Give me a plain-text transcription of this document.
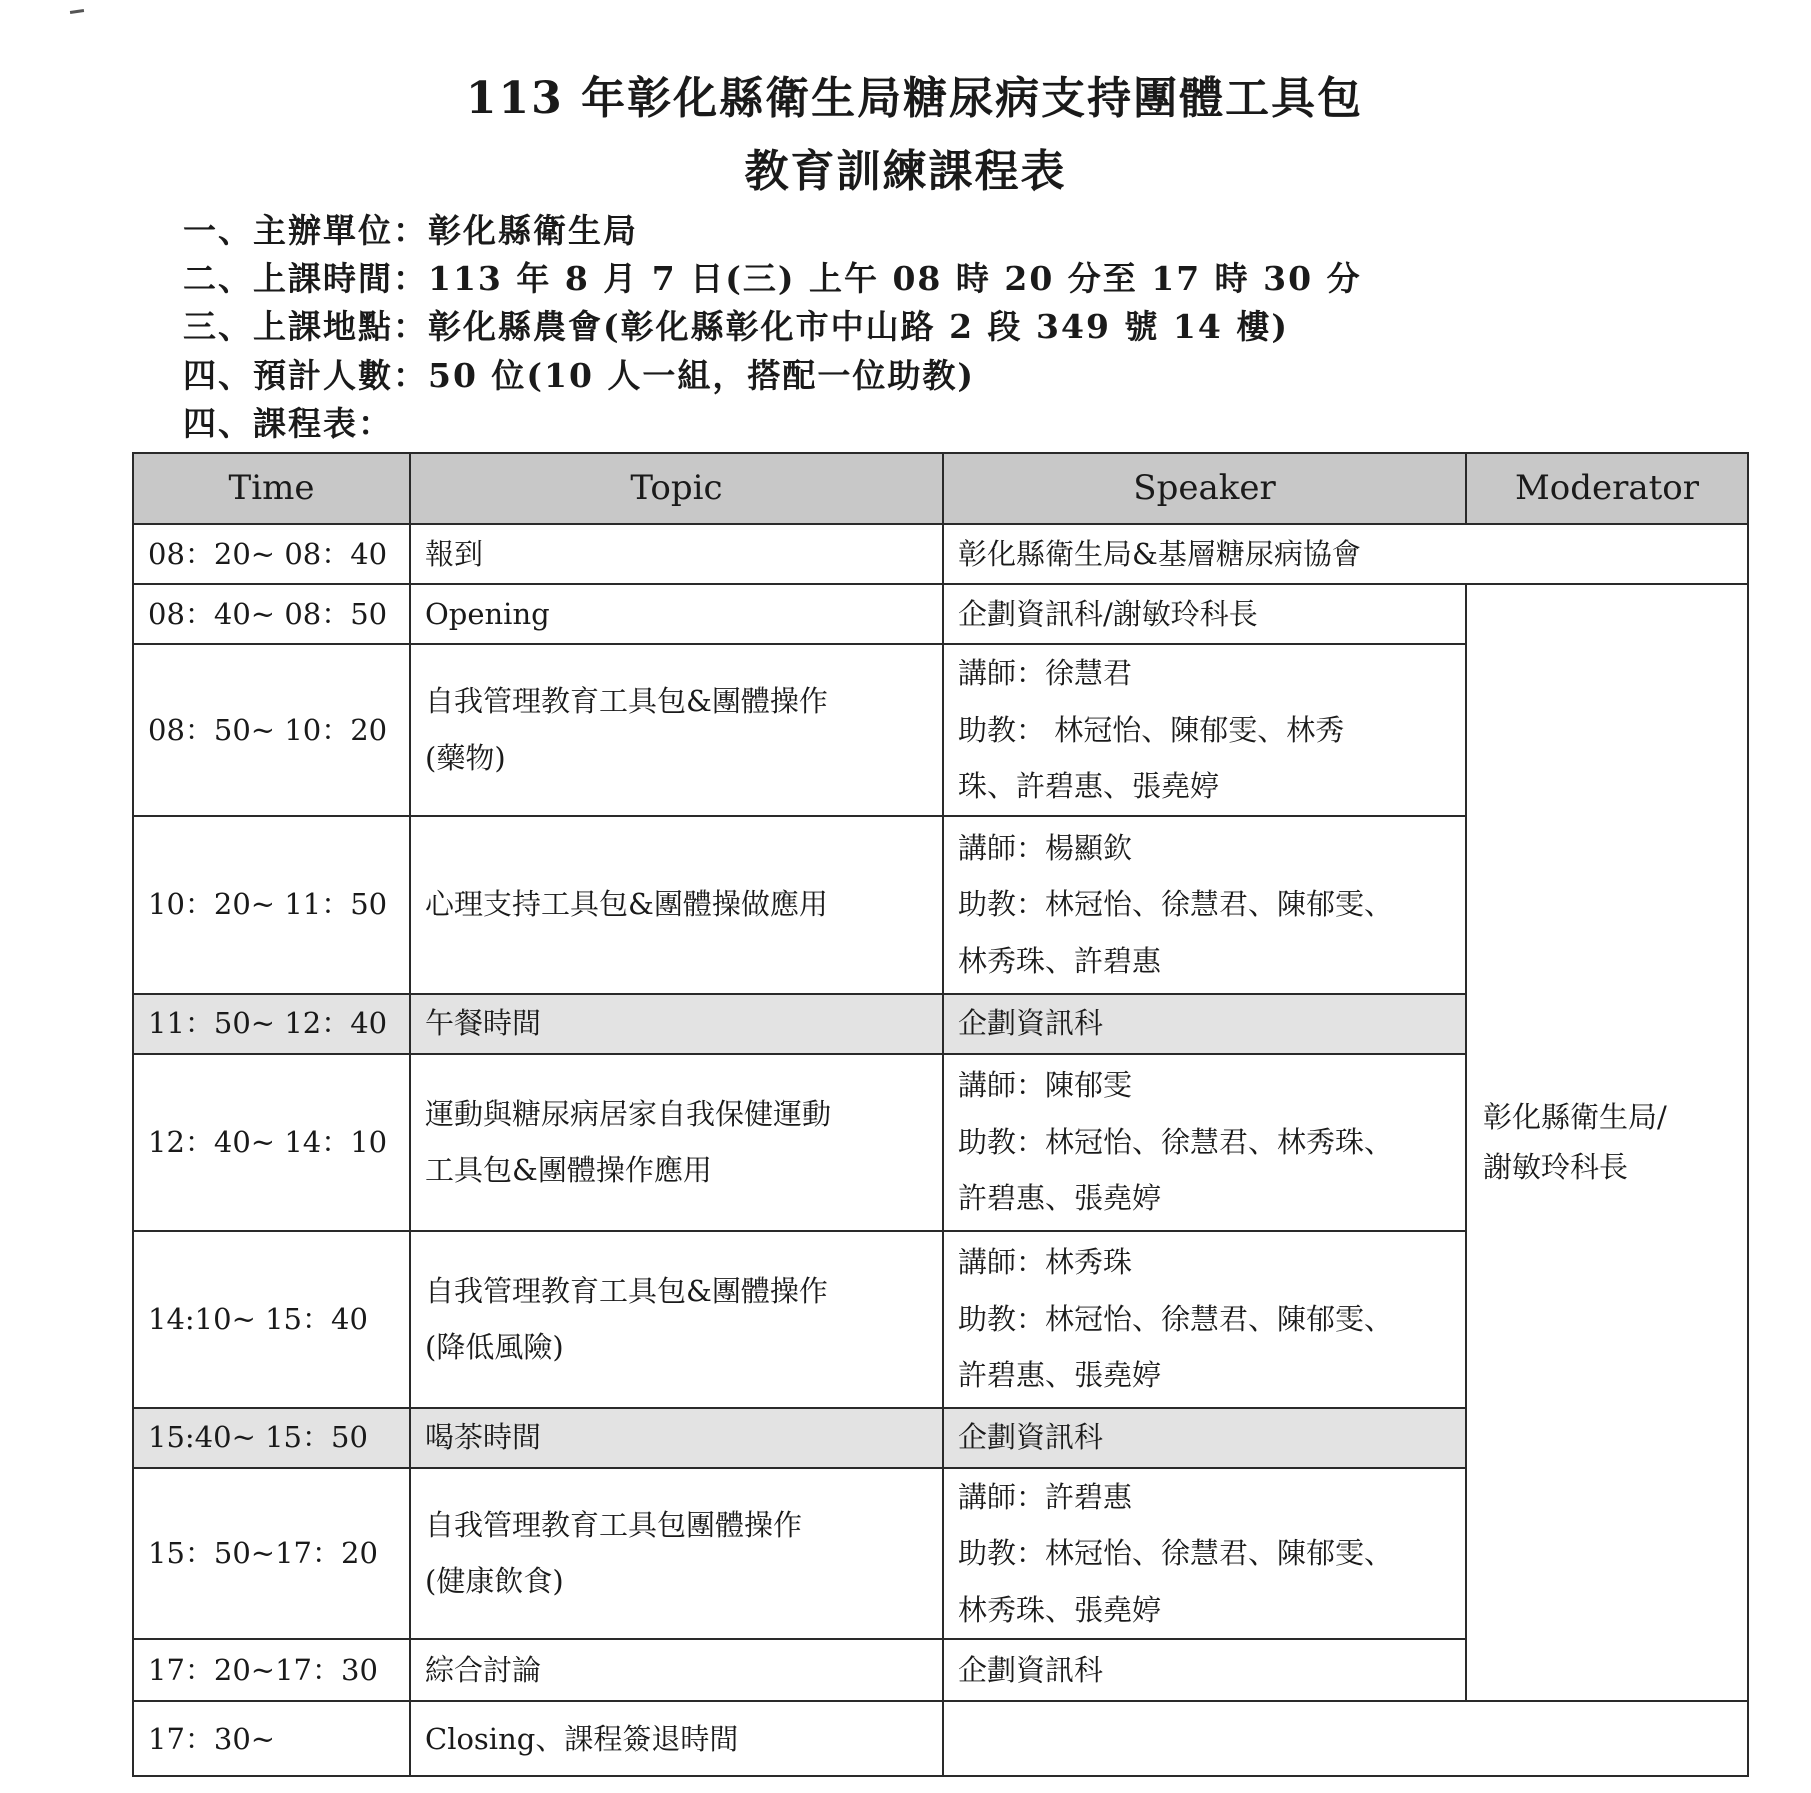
113 年彰化縣衛生局糖尿病支持團體工具包
教育訓練課程表
一、主辦單位：彰化縣衛生局
二、上課時間：113 年 8 月 7 日(三) 上午 08 時 20 分至 17 時 30 分
三、上課地點：彰化縣農會(彰化縣彰化市中山路 2 段 349 號 14 樓)
四、預計人數：50 位(10 人一組，搭配一位助教)
四、課程表：
Time	Topic	Speaker	Moderator
08：20~ 08：40	報到	彰化縣衛生局&基層糖尿病協會	

08：40~ 08：50	Opening	企劃資訊科/謝敏玲科長	彰化縣衛生局/
謝敏玲科長

08：50~ 10：20	自我管理教育工具包&團體操作
(藥物)	講師：徐慧君
助教： 林冠怡、陳郁雯、林秀
珠、許碧惠、張堯婷	

10：20~ 11：50	心理支持工具包&團體操做應用	講師：楊顯欽
助教：林冠怡、徐慧君、陳郁雯、
林秀珠、許碧惠	

11：50~ 12：40	午餐時間	企劃資訊科	

12：40~ 14：10	運動與糖尿病居家自我保健運動
工具包&團體操作應用	講師：陳郁雯
助教：林冠怡、徐慧君、林秀珠、
許碧惠、張堯婷	

14:10~ 15：40	自我管理教育工具包&團體操作
(降低風險)	講師：林秀珠
助教：林冠怡、徐慧君、陳郁雯、
許碧惠、張堯婷	

15:40~ 15：50	喝茶時間	企劃資訊科	

15：50~17：20	自我管理教育工具包團體操作
(健康飲食)	講師：許碧惠
助教：林冠怡、徐慧君、陳郁雯、
林秀珠、張堯婷	

17：20~17：30	綜合討論	企劃資訊科	

17：30~	Closing、課程簽退時間		
